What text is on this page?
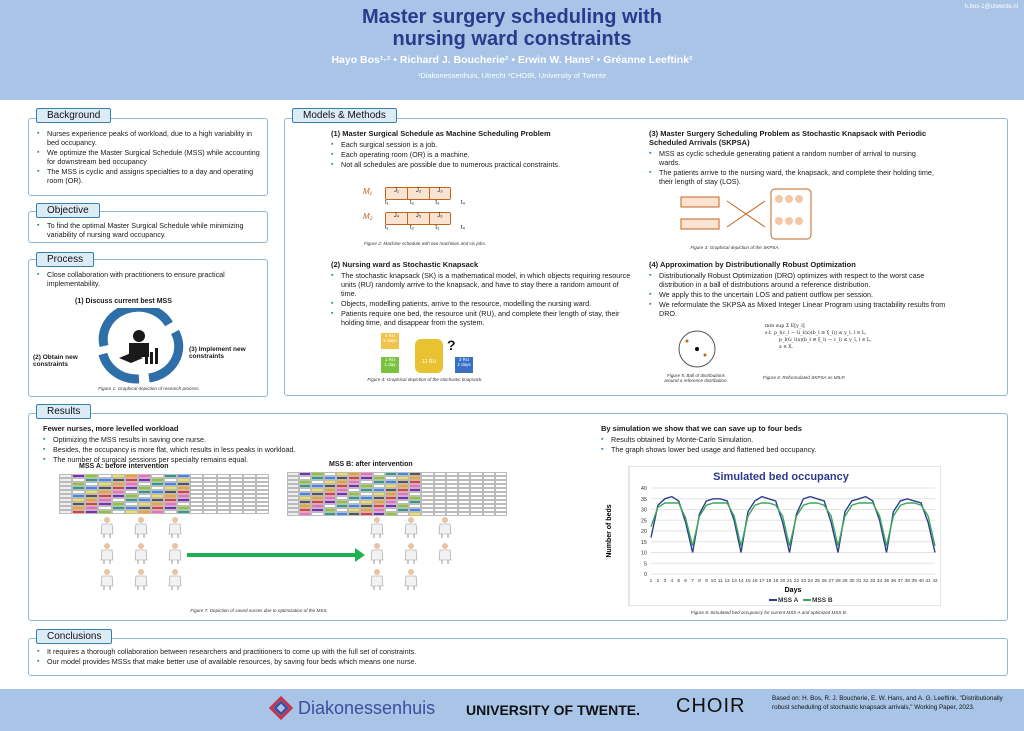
Master surgery scheduling with
nursing ward constraints
Hayo Bos¹·² • Richard J. Boucherie² • Erwin W. Hans² • Gréanne Leeftink²
¹Diakonessenhuis, Utrecht ²CHOIR, University of Twente
h.bos-1@utwente.nl
▪ Nurses experience peaks of workload, due to a high variability in bed occupancy.
▪ We optimize the Master Surgical Schedule (MSS) while accounting for downstream bed occupancy
▪ The MSS is cyclic and assigns specialties to a day and operating room (OR).
Background
▪ To find the optimal Master Surgical Schedule while minimizing variability of nursing ward occupancy.
Objective
▪ Close collaboration with practitioners to ensure practical implementability.
(1) Discuss current best MSS
(2) Obtain new constraints
(3) Implement new constraints
Figure 1: Graphical depiction of research process.
Process
(1) Master Surgical Schedule as Machine Scheduling Problem
▪ Each surgical session is a job.
▪ Each operating room (OR) is a machine.
▪ Not all schedules are possible due to numerous practical constraints.
M₁
M₂
J₁	J₂	J₃
J₄	J₅	J₆
t₁	t₂	t₃	t₄
t₁	t₂	t₃	t₄
Figure 2: Machine schedule with two machines and six jobs.
(3) Master Surgery Scheduling Problem as Stochastic Knapsack with Periodic Scheduled Arrivals (SKPSA)
▪ MSS as cyclic schedule generating patient a random number of arrival to nursing wards.
▪ The patients arrive to the nursing ward, the knapsack, and complete their holding time, their length of stay (LOS).
Figure 3: Graphical depiction of the SKPSA.
(2) Nursing ward as Stochastic Knapsack
▪ The stochastic knapsack (SK) is a mathematical model, in which objects requiring resource units (RU) randomly arrive to the knapsack, and have to stay there a random amount of time.
▪ Objects, modelling patients, arrive to the resource, modelling the nursing ward.
▪ Patients require one bed, the resource unit (RU), and complete their length of stay, their holding time, and disappear from the system.
4 RU
5 days
1 RU
1 day	12 RU
?
3 RU
2 days
Figure 4: Graphical depiction of the stochastic knapsack.
(4) Approximation by Distributionally Robust Optimization
▪ Distributionally Robust Optimization (DRO) optimizes with respect to the worst case distribution in a ball of distributions around a reference distribution.
▪ We apply this to the uncertain LOS and patient outflow per session.
▪ We reformulate the SKPSA as Mixed Integer Linear Program using tractability results from DRO.
min sup Σ E[y_l]
s.t. p_l(c_l − G_l(x)(b_l ⊘ ξ_l)) ≤ y_l, l ∈ L,
p_l(G_l(x)(b_l ⊘ ξ_l) − c_l) ≤ y_l, l ∈ L,
x ∈ X.
Figure 5: Ball of distributions around a reference distribution.
Figure 6: Reformulated SKPSA as MILP.
Models & Methods
Fewer nurses, more levelled workload
▪ Optimizing the MSS results in saving one nurse.
▪ Besides, the occupancy is more flat, which results in less peaks in workload.
▪ The number of surgical sessions per specialty remains equal.
MSS A: before intervention	MSS B: after intervention
Figure 7: Depiction of saved nurses due to optimization of the MSS.
By simulation we show that we can save up to four beds
▪ Results obtained by Monte-Carlo Simulation.
▪ The graph shows lower bed usage and flattened bed occupancy.
Simulated bed occupancy
0
5
10
15
20
25
30
35
40
1 2 3 4 5 6 7 8 9 10 11 12 13 14 15 16 17 18 19 20 21 22 23 24 25 26 27 28 28 30 31 32 33 34 35 36 37 38 39 40 41 42
Days
Number of beds
MSS A MSS B
Figure 8: Simulated bed occupancy for current MSS A and optimized MSS B.
Results
▪ It requires a thorough collaboration between researchers and practitioners to come up with the full set of constraints.
▪ Our model provides MSSs that make better use of available resources, by saving four beds which means one nurse.
Conclusions
Diakonessenhuis UNIVERSITY OF TWENTE. CHOIR	Based on: H. Bos, R. J. Boucherie, E. W. Hans, and A. G. Leeftink, "Distributionally robust scheduling of stochastic knapsack arrivals," Working Paper, 2023.
